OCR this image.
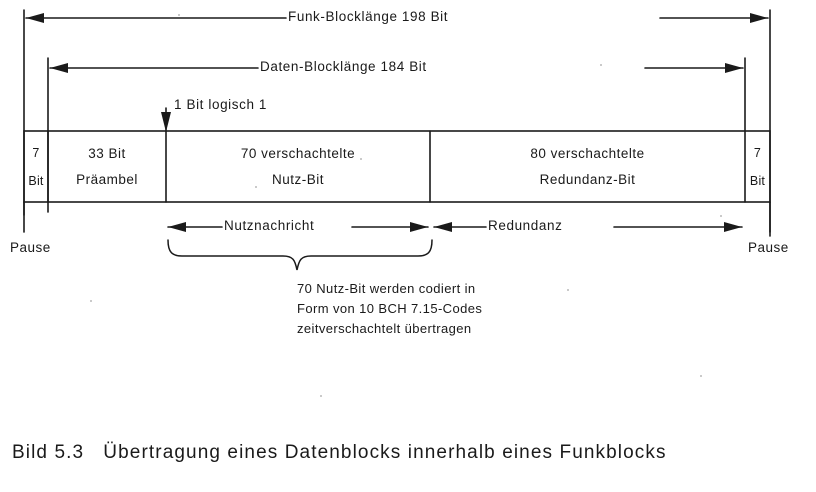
Funk-Blocklänge 198 Bit
Daten-Blocklänge 184 Bit
1 Bit logisch 1
7
Bit
33 Bit
Präambel
70 verschachtelte
Nutz-Bit
80 verschachtelte
Redundanz-Bit
7
Bit
Nutznachricht	Redundanz
Pause	Pause
70 Nutz-Bit werden codiert in
Form von 10 BCH 7.15-Codes
zeitverschachtelt übertragen
Bild 5.3   Übertragung eines Datenblocks innerhalb eines Funkblocks
